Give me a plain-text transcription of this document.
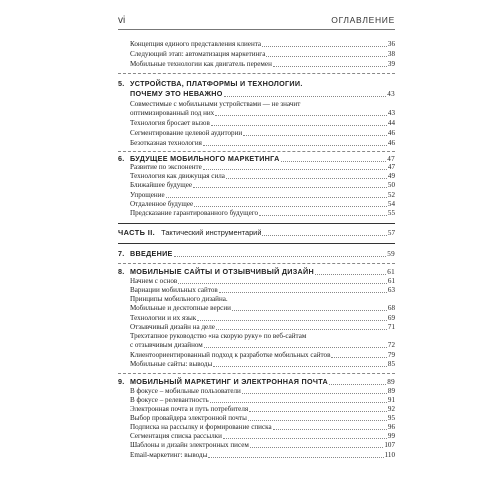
vi	ОГЛАВЛЕНИЕ
Концепция единого представления клиента	36
Следующий этап: автоматизация маркетинга	38
Мобильные технологии как двигатель перемен	39
5. УСТРОЙСТВА, ПЛАТФОРМЫ И ТЕХНОЛОГИИ.
ПОЧЕМУ ЭТО НЕВАЖНО	43
Совместимые с мобильными устройствами — не значит
оптимизированный под них	43
Технология бросает вызов	44
Сегментирование целевой аудитории	46
Безотказная технология	46
6. БУДУЩЕЕ МОБИЛЬНОГО МАРКЕТИНГА	47
Развитие по экспоненте	47
Технология как движущая сила	49
Ближайшее будущее	50
Упрощение	52
Отдаленное будущее	54
Предсказание гарантированного будущего	55
ЧАСТЬ II. Тактический инструментарий	57
7. ВВЕДЕНИЕ	59
8. МОБИЛЬНЫЕ САЙТЫ И ОТЗЫВЧИВЫЙ ДИЗАЙН	61
Начнем с основ	61
Вариации мобильных сайтов	63
Принципы мобильного дизайна.
Мобильные и десктопные версии	68
Технологии и их язык	69
Отзывчивый дизайн на деле	71
Трехэтапное руководство «на скорую руку» по веб-сайтам
с отзывчивым дизайном	72
Клиентоориентированный подход к разработке мобильных сайтов	79
Мобильные сайты: выводы	85
9. МОБИЛЬНЫЙ МАРКЕТИНГ И ЭЛЕКТРОННАЯ ПОЧТА	89
В фокусе – мобильные пользователи	89
В фокусе – релевантность	91
Электронная почта и путь потребителя	92
Выбор провайдера электронной почты	95
Подписка на рассылку и формирование списка	96
Сегментация списка рассылки	99
Шаблоны и дизайн электронных писем	107
Email-маркетинг: выводы	110
